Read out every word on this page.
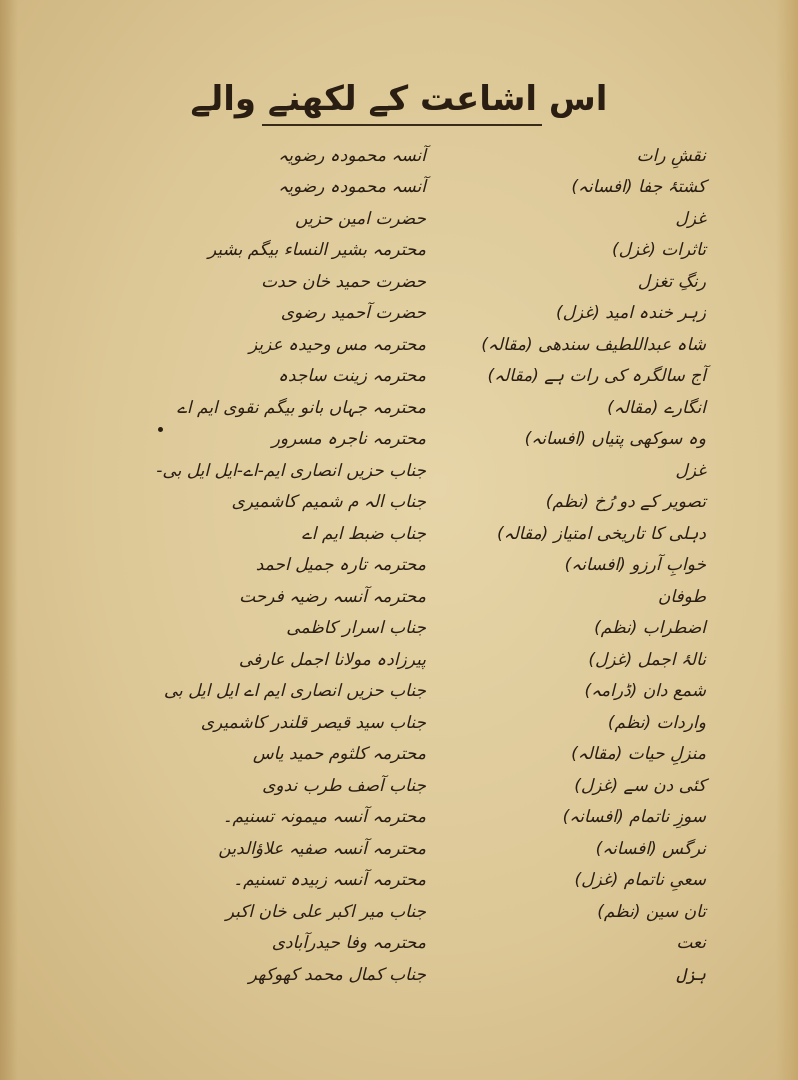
اس اشاعت کے لکھنے والے
نقشِ رات
آنسہ محمودہ رضویہ
کشتۂ جفا (افسانہ)
آنسہ محمودہ رضویہ
غزل
حضرت امین حزیں
تاثرات (غزل)
محترمہ بشیر النساء بیگم بشیر
رنگِ تغزل
حضرت حمید خان حدت
زہر خندہ امید (غزل)
حضرت آحمید رضوی
شاہ عبداللطیف سندھی (مقالہ)
محترمہ مس وحیدہ عزیز
آج سالگرہ کی رات ہے (مقالہ)
محترمہ زینت ساجدہ
انگارے (مقالہ)
محترمہ جہاں بانو بیگم نقوی ایم اے
وہ سوکھی پتیاں (افسانہ)
محترمہ ناجرہ مسرور
غزل
جناب حزیں انصاری ایم-اے-ایل ایل بی-
تصویر کے دو رُخ (نظم)
جناب الہ م شمیم کاشمیری
دہلی کا تاریخی امتیاز (مقالہ)
جناب ضبط ایم اے
خوابِ آرزو (افسانہ)
محترمہ تارہ جمیل احمد
طوفان
محترمہ آنسہ رضیہ فرحت
اضطراب (نظم)
جناب اسرار کاظمی
نالۂ اجمل (غزل)
پیرزادہ مولانا اجمل عارفی
شمع دان (ڈرامہ)
جناب حزیں انصاری ایم اے ایل ایل بی
واردات (نظم)
جناب سید قیصر قلندر کاشمیری
منزلِ حیات (مقالہ)
محترمہ کلثوم حمید یاس
کئی دن سے (غزل)
جناب آصف طرب ندوی
سوزِ ناتمام (افسانہ)
محترمہ آنسہ میمونہ تسنیم۔
نرگس (افسانہ)
محترمہ آنسہ صفیہ علاؤالدین
سعیِ ناتمام (غزل)
محترمہ آنسہ زبیدہ تسنیم۔
تان سین (نظم)
جناب میر اکبر علی خان اکبر
نعت
محترمہ وفا حیدرآبادی
ہزل
جناب کمال محمد کھوکھر
